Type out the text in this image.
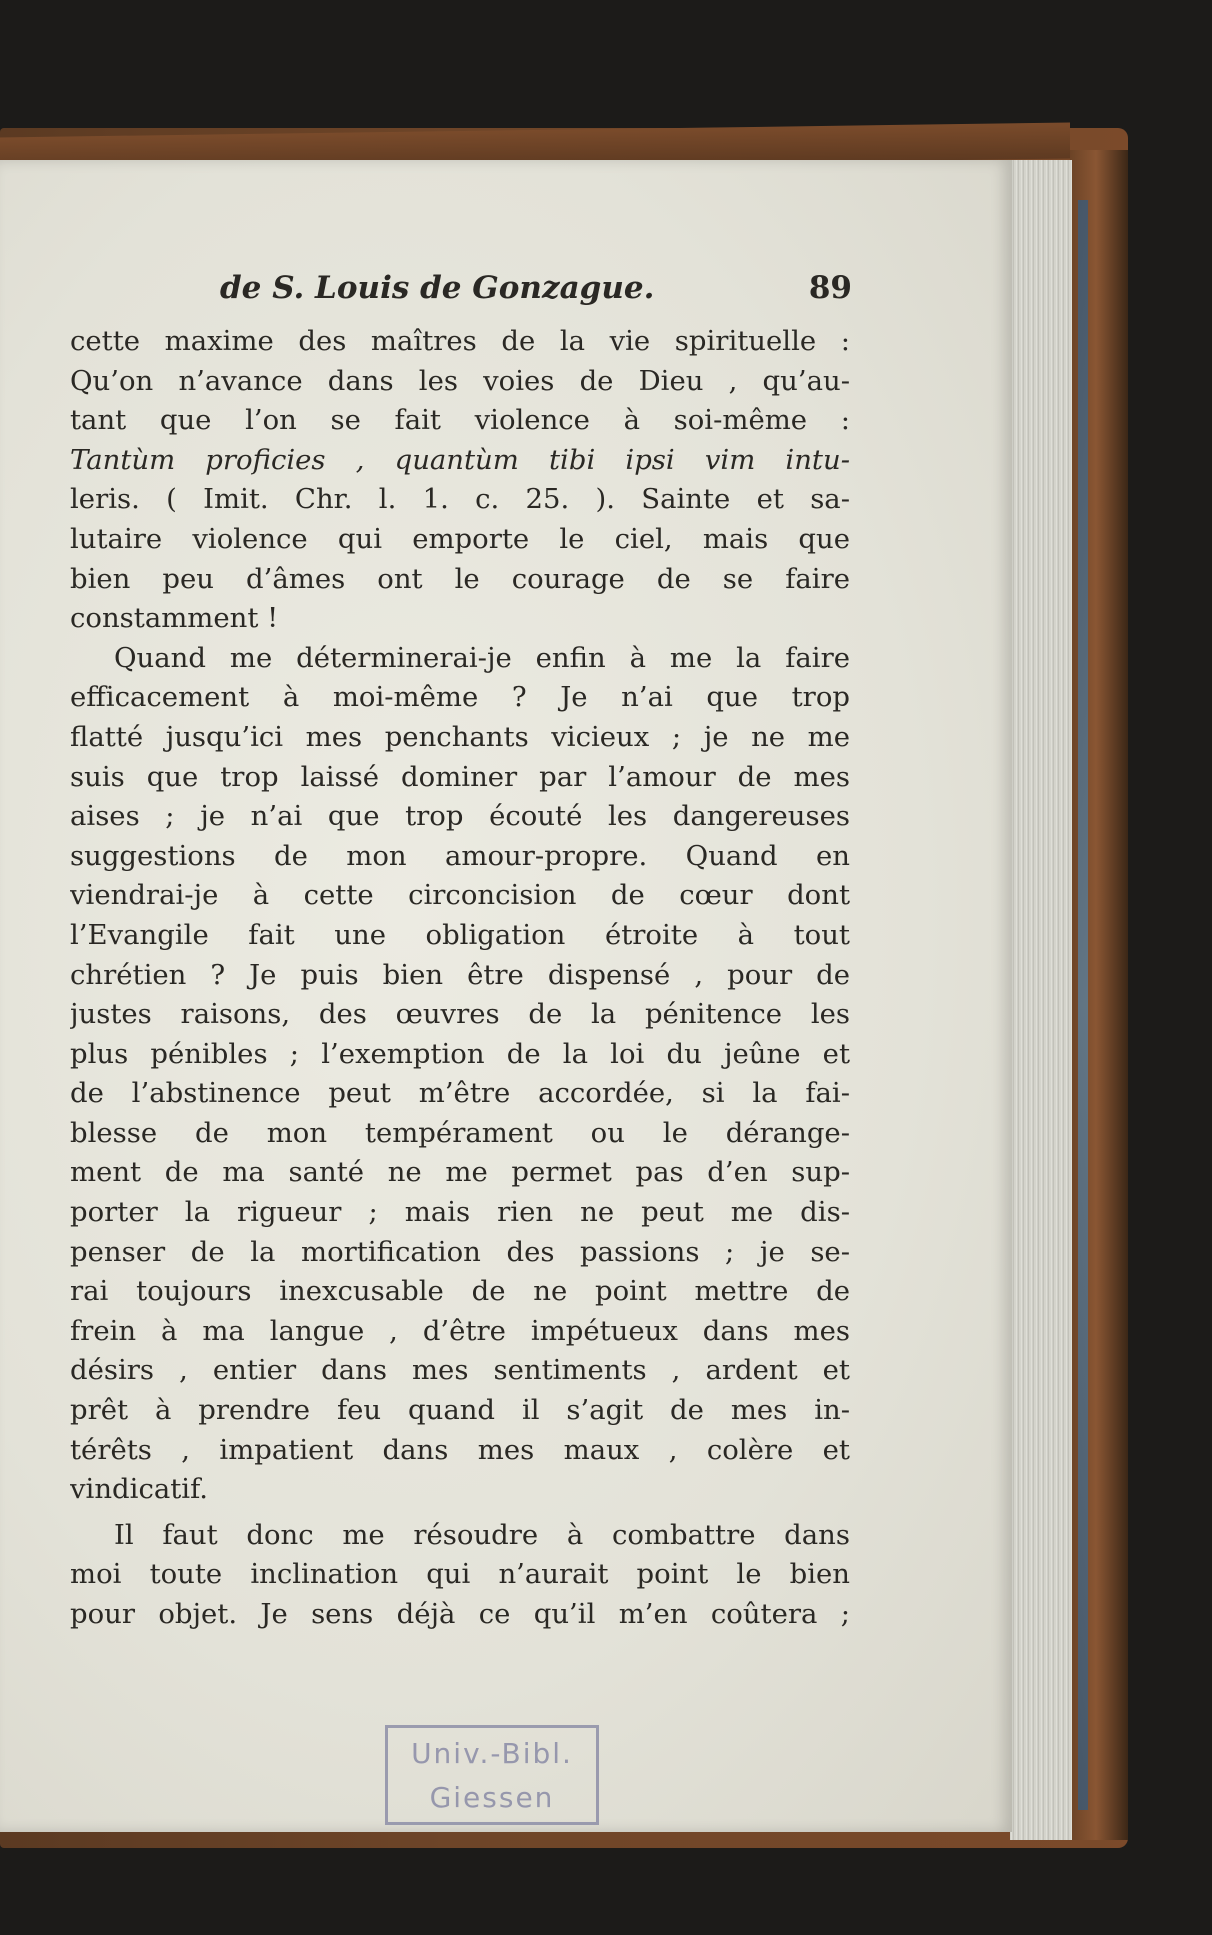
de S. Louis de Gonzague.	89
cette maxime des maîtres de la vie spirituelle :
Qu’on n’avance dans les voies de Dieu , qu’au-
tant que l’on se fait violence à soi-même :
Tantùm proficies , quantùm tibi ipsi vim intu-
leris. ( Imit. Chr. l. 1. c. 25. ). Sainte et sa-
lutaire violence qui emporte le ciel, mais que
bien peu d’âmes ont le courage de se faire
constamment !
Quand me déterminerai-je enfin à me la faire
efficacement à moi-même ? Je n’ai que trop
flatté jusqu’ici mes penchants vicieux ; je ne me
suis que trop laissé dominer par l’amour de mes
aises ; je n’ai que trop écouté les dangereuses
suggestions de mon amour-propre. Quand en
viendrai-je à cette circoncision de cœur dont
l’Evangile fait une obligation étroite à tout
chrétien ? Je puis bien être dispensé , pour de
justes raisons, des œuvres de la pénitence les
plus pénibles ; l’exemption de la loi du jeûne et
de l’abstinence peut m’être accordée, si la fai-
blesse de mon tempérament ou le dérange-
ment de ma santé ne me permet pas d’en sup-
porter la rigueur ; mais rien ne peut me dis-
penser de la mortification des passions ; je se-
rai toujours inexcusable de ne point mettre de
frein à ma langue , d’être impétueux dans mes
désirs , entier dans mes sentiments , ardent et
prêt à prendre feu quand il s’agit de mes in-
térêts , impatient dans mes maux , colère et
vindicatif.
Il faut donc me résoudre à combattre dans
moi toute inclination qui n’aurait point le bien
pour objet. Je sens déjà ce qu’il m’en coûtera ;
Univ.-Bibl.
Giessen
